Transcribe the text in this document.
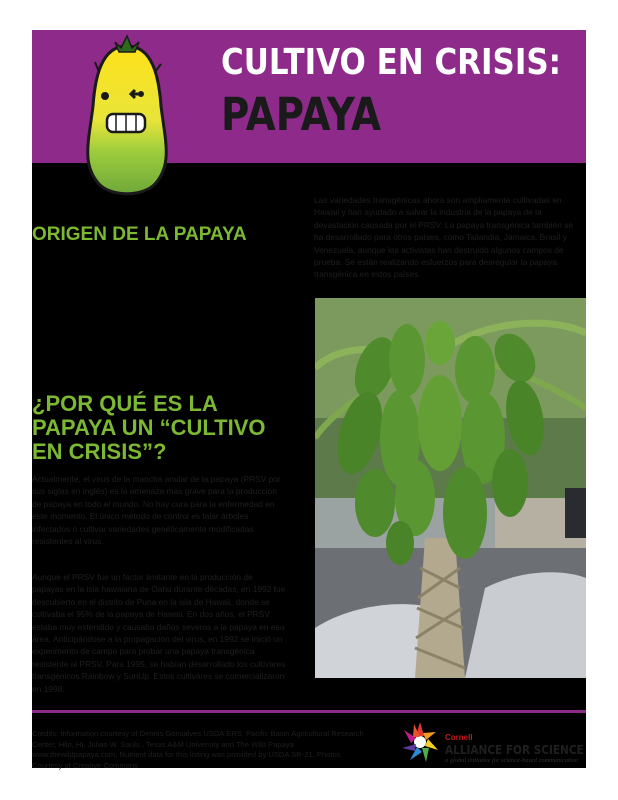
CULTIVO EN CRISIS:
PAPAYA
ORIGEN DE LA PAPAYA
Las variedades transgénicas ahora son ampliamente cultivadas en Hawaii y han ayudado a salvar la industria de la papaya de la devastación causada por el PRSV. La papaya transgénica también se ha desarrollado para otros países, como Tailandia, Jamaica, Brasil y Venezuela, aunque los activistas han destruido algunos campos de prueba. Se están realizando esfuerzos para desregular la papaya transgénica en estos países.
¿POR QUÉ ES LA PAPAYA UN “CULTIVO EN CRISIS”?
Actualmente, el virus de la mancha anular de la papaya (PRSV por sus siglas en inglés) es la amenaza más grave para la producción de papaya en todo el mundo. No hay cura para la enfermedad en este momento. El único método de control es talar árboles infectados o cultivar variedades genéticamente modificadas resistentes al virus.
Aunque el PRSV fue un factor limitante en la producción de papayas en la isla hawaiana de Oahu durante décadas, en 1992 fue descubierto en el distrito de Puna en la isla de Hawaii, donde se cultivaba el 95% de la papaya de Hawaii. En dos años, el PRSV estaba muy extendido y causaba daños severos a la papaya en esa área. Anticipándose a la propagación del virus, en 1992 se inició un experimento de campo para probar una papaya transgénica resistente al PRSV. Para 1995, se habían desarrollado los cultivares transgénicos Rainbow y SunUp. Estos cultivares se comercializaron en 1998.
Credits: Information courtesy of Dennis Gonsalves USDA ERS, Pacific Basin Agricultural Research Center, Hilo, HI, Julian W. Sauls , Texas A&M University and The Wild Papaya www.thewildpapaya.com, Nutrient data for this listing was provided by USDA SR-21, Photos Courtesy of Creative Commons
Cornell
ALLIANCE FOR SCIENCE
a global initiative for science-based communication
